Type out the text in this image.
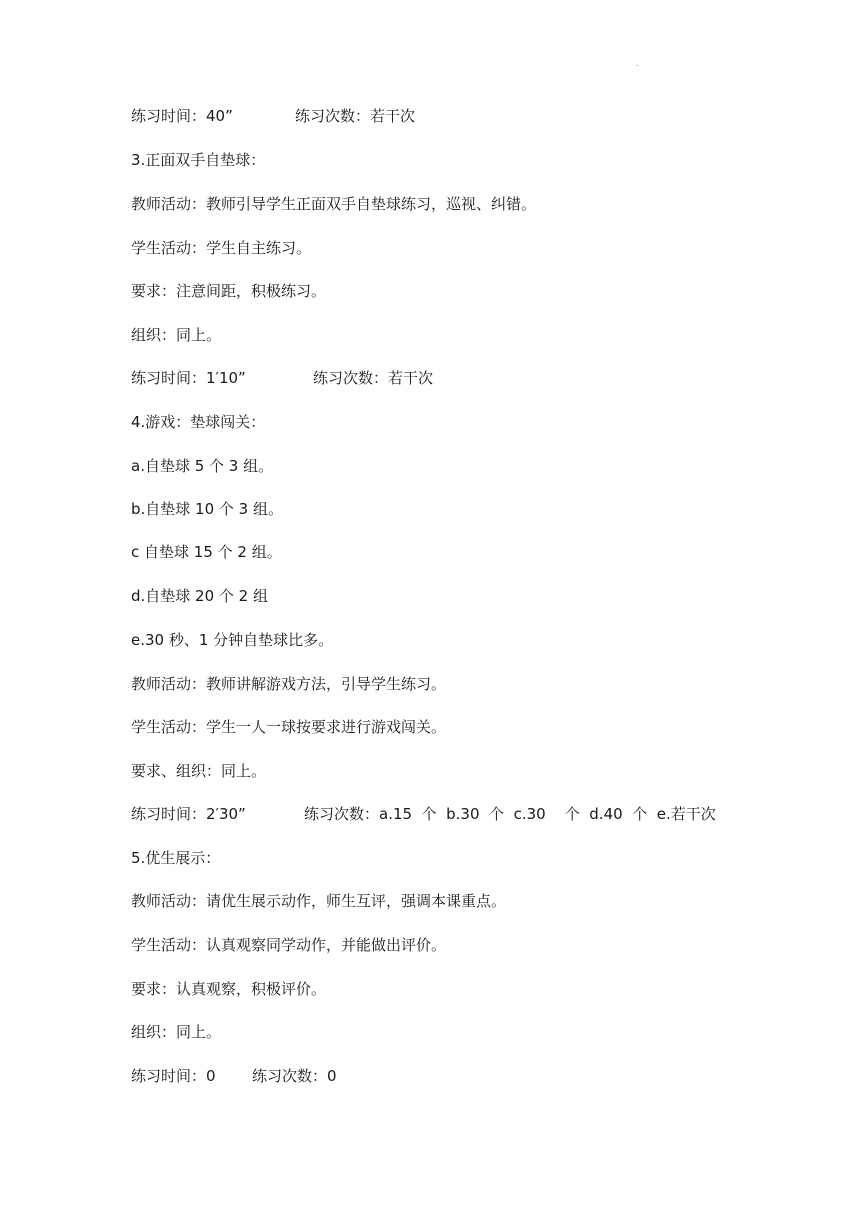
.
练习时间：40”	练习次数：若干次
3.正面双手自垫球：
教师活动：教师引导学生正面双手自垫球练习，巡视、纠错。
学生活动：学生自主练习。
要求：注意间距，积极练习。
组织：同上。
练习时间：1′10”	练习次数：若干次
4.游戏：垫球闯关：
a.自垫球 5 个 3 组。
b.自垫球 10 个 3 组。
c 自垫球 15 个 2 组。
d.自垫球 20 个 2 组
e.30 秒、1 分钟自垫球比多。
教师活动：教师讲解游戏方法，引导学生练习。
学生活动：学生一人一球按要求进行游戏闯关。
要求、组织：同上。
练习时间：2′30”	练习次数：a.15  个  b.30  个  c.30    个  d.40  个  e.若干次
5.优生展示：
教师活动：请优生展示动作，师生互评，强调本课重点。
学生活动：认真观察同学动作，并能做出评价。
要求：认真观察，积极评价。
组织：同上。
练习时间：0 练习次数：0
